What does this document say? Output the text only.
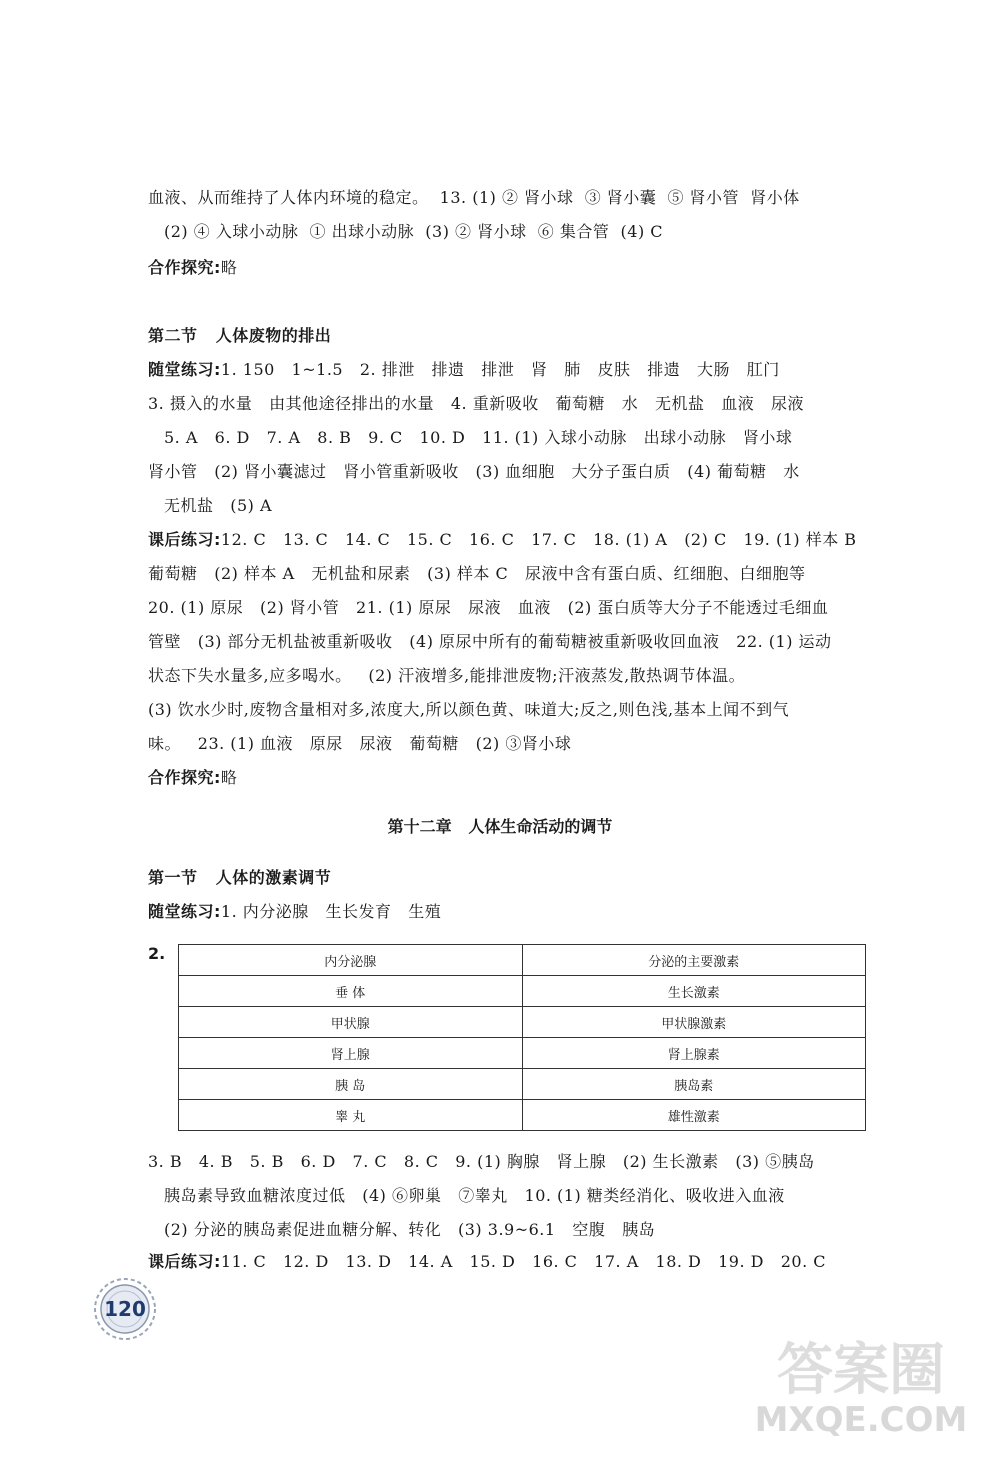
血液、从而维持了人体内环境的稳定。  13. (1) ② 肾小球  ③ 肾小囊  ⑤ 肾小管  肾小体
(2) ④ 入球小动脉  ① 出球小动脉  (3) ② 肾小球  ⑥ 集合管  (4) C
合作探究:略
第二节   人体废物的排出
随堂练习:1. 150   1~1.5   2. 排泄   排遗   排泄   肾   肺   皮肤   排遗   大肠   肛门
3. 摄入的水量   由其他途径排出的水量   4. 重新吸收   葡萄糖   水   无机盐   血液   尿液
5. A   6. D   7. A   8. B   9. C   10. D   11. (1) 入球小动脉   出球小动脉   肾小球
肾小管   (2) 肾小囊滤过   肾小管重新吸收   (3) 血细胞   大分子蛋白质   (4) 葡萄糖   水
无机盐   (5) A
课后练习:12. C   13. C   14. C   15. C   16. C   17. C   18. (1) A   (2) C   19. (1) 样本 B
葡萄糖   (2) 样本 A   无机盐和尿素   (3) 样本 C   尿液中含有蛋白质、红细胞、白细胞等
20. (1) 原尿   (2) 肾小管   21. (1) 原尿   尿液   血液   (2) 蛋白质等大分子不能透过毛细血
管壁   (3) 部分无机盐被重新吸收   (4) 原尿中所有的葡萄糖被重新吸收回血液   22. (1) 运动
状态下失水量多,应多喝水。   (2) 汗液增多,能排泄废物;汗液蒸发,散热调节体温。
(3) 饮水少时,废物含量相对多,浓度大,所以颜色黄、味道大;反之,则色浅,基本上闻不到气
味。   23. (1) 血液   原尿   尿液   葡萄糖   (2) ③肾小球
合作探究:略
第十二章   人体生命活动的调节
第一节   人体的激素调节
随堂练习:1. 内分泌腺   生长发育   生殖
2.	内分泌腺	分泌的主要激素
垂 体	生长激素
甲状腺	甲状腺激素
肾上腺	肾上腺素
胰 岛	胰岛素
睾 丸	雄性激素
3. B   4. B   5. B   6. D   7. C   8. C   9. (1) 胸腺   肾上腺   (2) 生长激素   (3) ⑤胰岛
胰岛素导致血糖浓度过低   (4) ⑥卵巢   ⑦睾丸   10. (1) 糖类经消化、吸收进入血液
(2) 分泌的胰岛素促进血糖分解、转化   (3) 3.9~6.1   空腹   胰岛
课后练习:11. C   12. D   13. D   14. A   15. D   16. C   17. A   18. D   19. D   20. C
120
答案圈
MXQE.COM
